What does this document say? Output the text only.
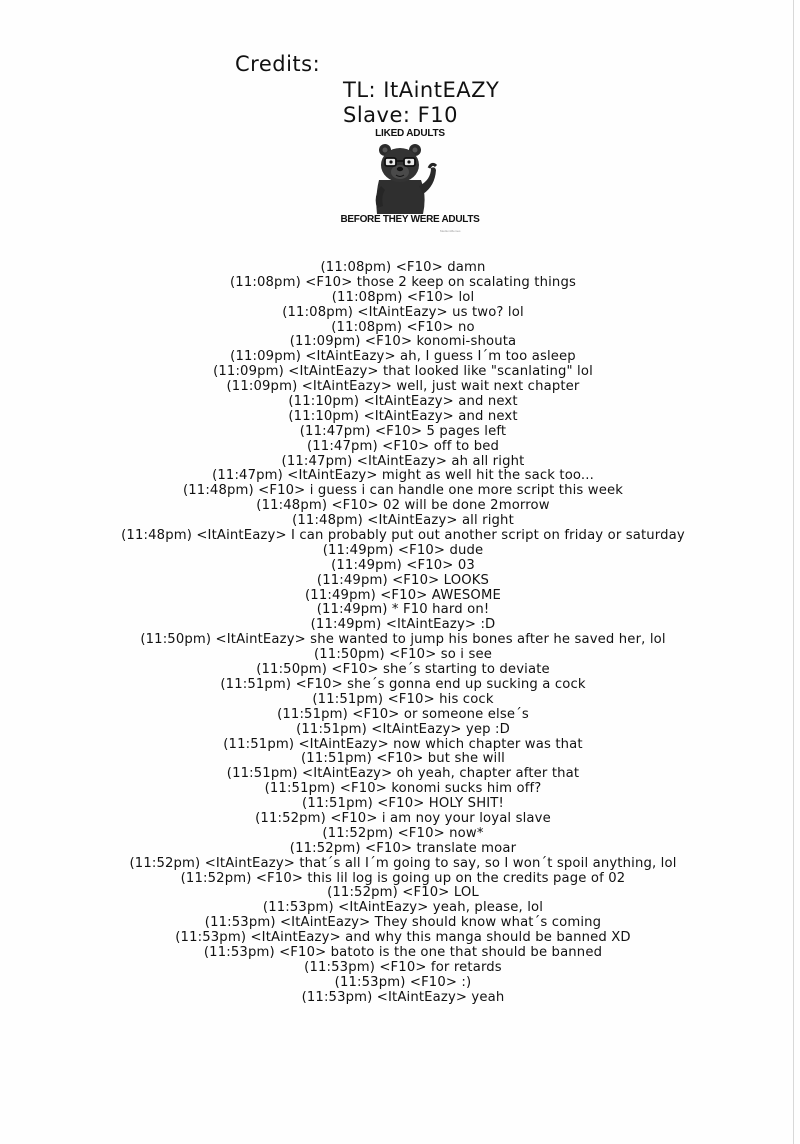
Credits:

TL: ItAintEAZY

Slave: F10

LIKED ADULTS
BEFORE THEY WERE ADULTS
MediumMemes
(11:08pm) <F10> damn
(11:08pm) <F10> those 2 keep on scalating things
(11:08pm) <F10> lol
(11:08pm) <ItAintEazy> us two? lol
(11:08pm) <F10> no
(11:09pm) <F10> konomi-shouta
(11:09pm) <ItAintEazy> ah, I guess I´m too asleep
(11:09pm) <ItAintEazy> that looked like "scanlating" lol
(11:09pm) <ItAintEazy> well, just wait next chapter
(11:10pm) <ItAintEazy> and next
(11:10pm) <ItAintEazy> and next
(11:47pm) <F10> 5 pages left
(11:47pm) <F10> off to bed
(11:47pm) <ItAintEazy> ah all right
(11:47pm) <ItAintEazy> might as well hit the sack too...
(11:48pm) <F10> i guess i can handle one more script this week
(11:48pm) <F10> 02 will be done 2morrow
(11:48pm) <ItAintEazy> all right
(11:48pm) <ItAintEazy> I can probably put out another script on friday or saturday
(11:49pm) <F10> dude
(11:49pm) <F10> 03
(11:49pm) <F10> LOOKS
(11:49pm) <F10> AWESOME
(11:49pm) * F10 hard on!
(11:49pm) <ItAintEazy> :D
(11:50pm) <ItAintEazy> she wanted to jump his bones after he saved her, lol
(11:50pm) <F10> so i see
(11:50pm) <F10> she´s starting to deviate
(11:51pm) <F10> she´s gonna end up sucking a cock
(11:51pm) <F10> his cock
(11:51pm) <F10> or someone else´s
(11:51pm) <ItAintEazy> yep :D
(11:51pm) <ItAintEazy> now which chapter was that
(11:51pm) <F10> but she will
(11:51pm) <ItAintEazy> oh yeah, chapter after that
(11:51pm) <F10> konomi sucks him off?
(11:51pm) <F10> HOLY SHIT!
(11:52pm) <F10> i am noy your loyal slave
(11:52pm) <F10> now*
(11:52pm) <F10> translate moar
(11:52pm) <ItAintEazy> that´s all I´m going to say, so I won´t spoil anything, lol
(11:52pm) <F10> this lil log is going up on the credits page of 02
(11:52pm) <F10> LOL
(11:53pm) <ItAintEazy> yeah, please, lol
(11:53pm) <ItAintEazy> They should know what´s coming
(11:53pm) <ItAintEazy> and why this manga should be banned XD
(11:53pm) <F10> batoto is the one that should be banned
(11:53pm) <F10> for retards
(11:53pm) <F10> :)
(11:53pm) <ItAintEazy> yeah
